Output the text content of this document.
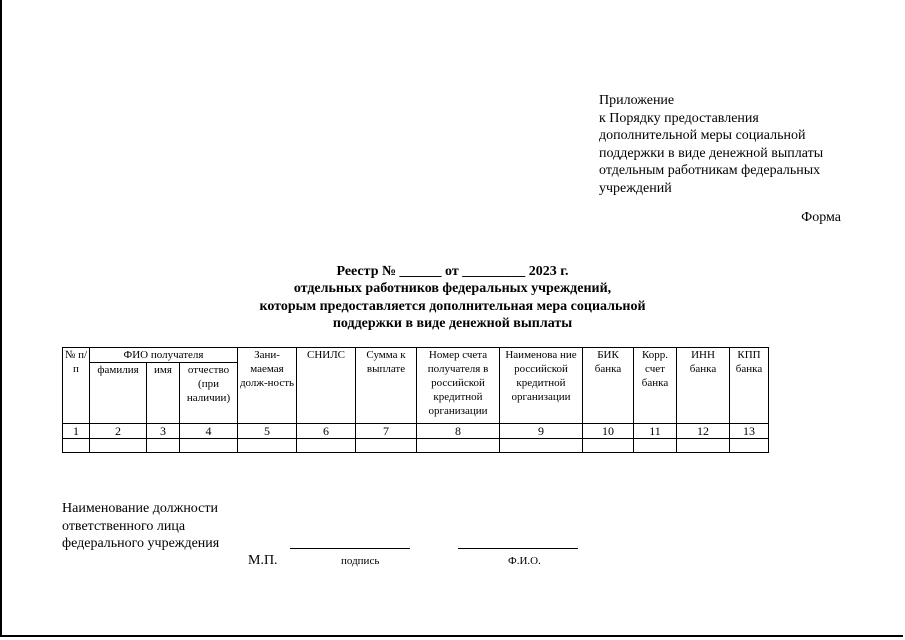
Приложение
к Порядку предоставления
дополнительной меры социальной
поддержки в виде денежной выплаты
отдельным работникам федеральных
учреждений
Форма
Реестр № ______ от _________ 2023 г.
отдельных работников федеральных учреждений,
которым предоставляется дополнительная мера социальной
поддержки в виде денежной выплаты
№ п/п	ФИО получателя			Зани-маемая долж-ность	СНИЛС	Сумма к выплате	Номер счета получателя в российской кредитной организации	Наименова ние российской кредитной организации	БИК банка	Корр. счет банка	ИНН банка	КПП банка
	фамилия	имя	отчество (при наличии)									
1	2	3	4	5	6	7	8	9	10	11	12	13

Наименование должности
ответственного лица
федерального учреждения
М.П.	подпись	Ф.И.О.
